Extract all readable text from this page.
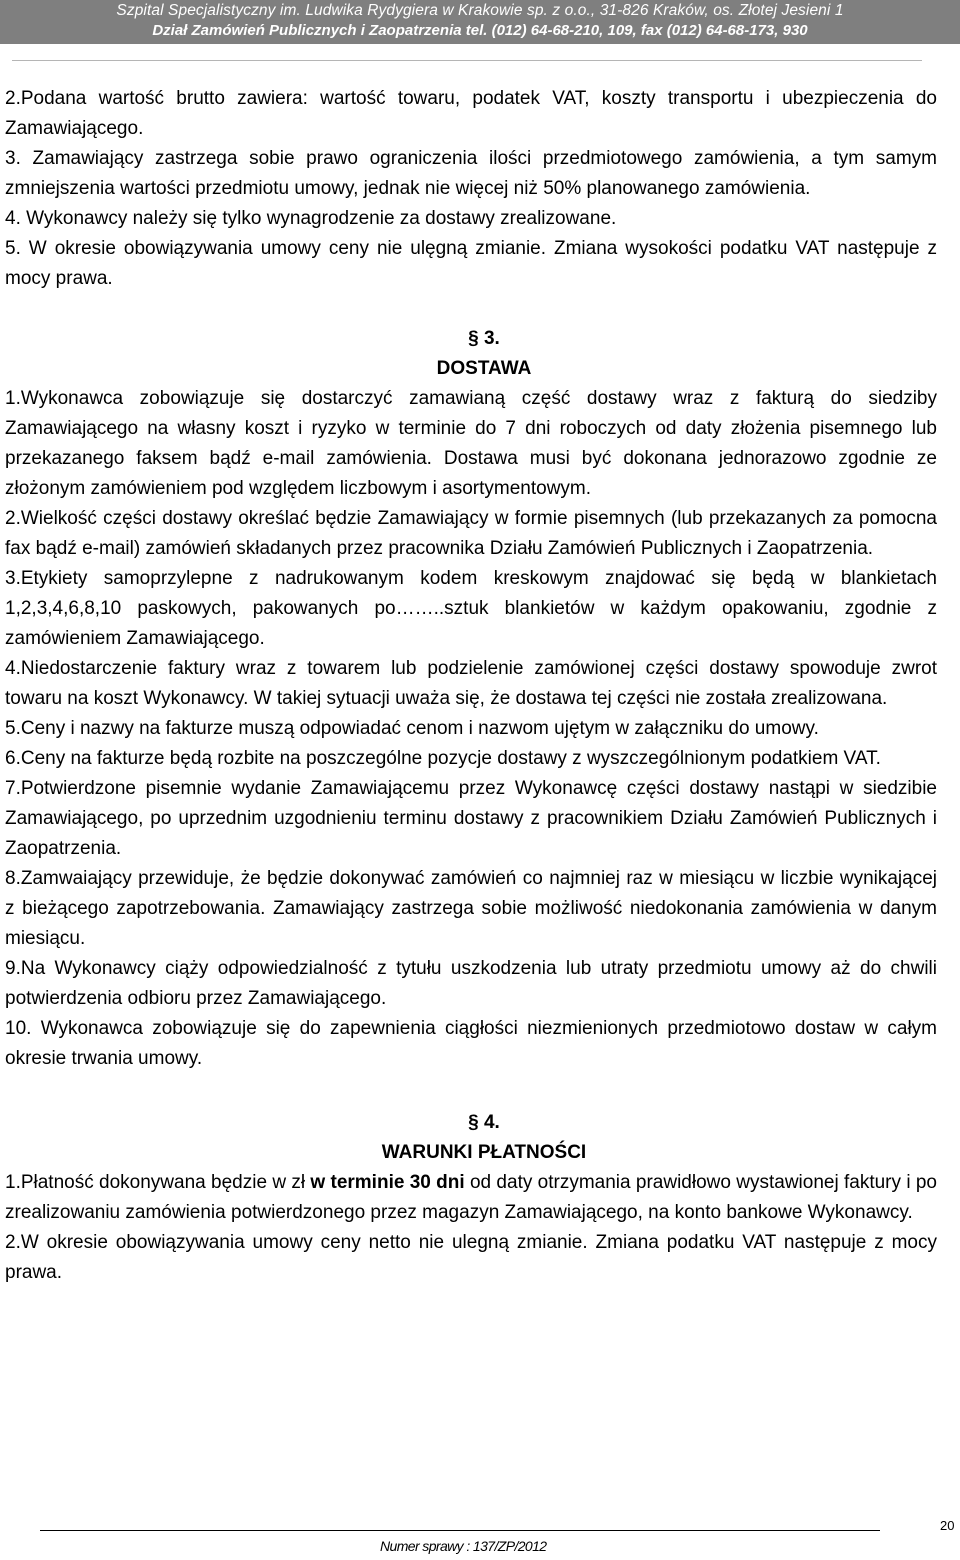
Szpital Specjalistyczny im. Ludwika Rydygiera w Krakowie sp. z o.o., 31-826 Kraków, os. Złotej Jesieni 1
Dział Zamówień Publicznych i Zaopatrzenia tel. (012) 64-68-210, 109, fax (012) 64-68-173, 930

2.Podana wartość brutto zawiera: wartość towaru, podatek VAT, koszty transportu i ubezpieczenia do Zamawiającego.

3. Zamawiający zastrzega sobie prawo ograniczenia ilości przedmiotowego zamówienia, a tym samym zmniejszenia wartości przedmiotu umowy, jednak nie więcej niż 50% planowanego zamówienia.

4. Wykonawcy należy się tylko wynagrodzenie za dostawy zrealizowane.

5. W okresie obowiązywania umowy ceny nie ulęgną zmianie. Zmiana wysokości podatku VAT następuje z mocy prawa.

§ 3.

DOSTAWA

1.Wykonawca zobowiązuje się dostarczyć zamawianą część dostawy wraz z fakturą do siedziby Zamawiającego na własny koszt i ryzyko w terminie do 7 dni roboczych od daty złożenia pisemnego lub przekazanego faksem bądź e-mail zamówienia. Dostawa musi być dokonana jednorazowo zgodnie ze złożonym zamówieniem pod względem liczbowym i asortymentowym.

2.Wielkość części dostawy określać będzie Zamawiający w formie pisemnych (lub przekazanych za pomocna fax bądź e-mail) zamówień składanych przez pracownika Działu Zamówień Publicznych i Zaopatrzenia.

3.Etykiety samoprzylepne z nadrukowanym kodem kreskowym znajdować się będą w blankietach 1,2,3,4,6,8,10 paskowych, pakowanych po……..sztuk blankietów w każdym opakowaniu, zgodnie z zamówieniem Zamawiającego.

4.Niedostarczenie faktury wraz z towarem lub podzielenie zamówionej części dostawy spowoduje zwrot towaru na koszt Wykonawcy. W takiej sytuacji uważa się, że dostawa tej części nie została zrealizowana.

5.Ceny i nazwy na fakturze muszą odpowiadać cenom i nazwom ujętym w załączniku do umowy.

6.Ceny na fakturze będą rozbite na poszczególne pozycje dostawy z wyszczególnionym podatkiem VAT.

7.Potwierdzone pisemnie wydanie Zamawiającemu przez Wykonawcę części dostawy nastąpi w siedzibie Zamawiającego, po uprzednim uzgodnieniu terminu dostawy z pracownikiem Działu Zamówień Publicznych i Zaopatrzenia.

8.Zamwaiający przewiduje, że będzie dokonywać zamówień co najmniej raz w miesiącu w liczbie wynikającej z bieżącego zapotrzebowania. Zamawiający zastrzega sobie możliwość niedokonania zamówienia w danym miesiącu.

9.Na Wykonawcy ciąży odpowiedzialność z tytułu uszkodzenia lub utraty przedmiotu umowy aż do chwili potwierdzenia odbioru przez Zamawiającego.

10. Wykonawca zobowiązuje się do zapewnienia ciągłości niezmienionych przedmiotowo dostaw w całym okresie trwania umowy.

§ 4.

WARUNKI PŁATNOŚCI

1.Płatność dokonywana będzie w zł w terminie 30 dni od daty otrzymania prawidłowo wystawionej faktury i po zrealizowaniu zamówienia potwierdzonego przez magazyn Zamawiającego, na konto bankowe Wykonawcy.

2.W okresie obowiązywania umowy ceny netto nie ulegną zmianie. Zmiana podatku VAT następuje z mocy prawa.

Numer sprawy : 137/ZP/2012
20
